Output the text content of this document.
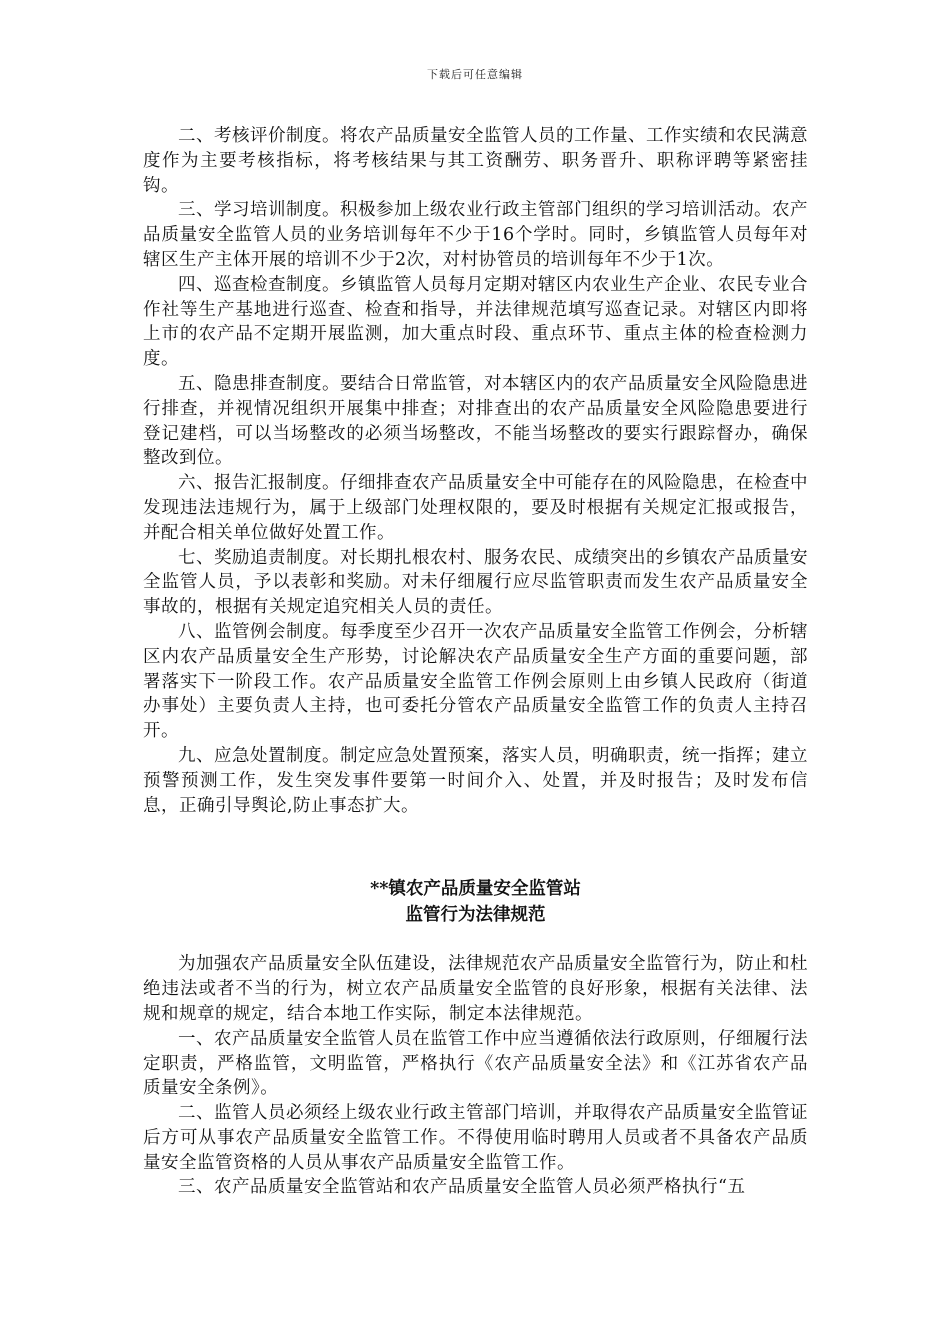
下载后可任意编辑

二、考核评价制度。将农产品质量安全监管人员的工作量、工作实绩和农民满意度作为主要考核指标，将考核结果与其工资酬劳、职务晋升、职称评聘等紧密挂钩。

三、学习培训制度。积极参加上级农业行政主管部门组织的学习培训活动。农产品质量安全监管人员的业务培训每年不少于16个学时。同时，乡镇监管人员每年对辖区生产主体开展的培训不少于2次，对村协管员的培训每年不少于1次。

四、巡查检查制度。乡镇监管人员每月定期对辖区内农业生产企业、农民专业合作社等生产基地进行巡查、检查和指导，并法律规范填写巡查记录。对辖区内即将上市的农产品不定期开展监测，加大重点时段、重点环节、重点主体的检查检测力度。

五、隐患排查制度。要结合日常监管，对本辖区内的农产品质量安全风险隐患进行排查，并视情况组织开展集中排查；对排查出的农产品质量安全风险隐患要进行登记建档，可以当场整改的必须当场整改，不能当场整改的要实行跟踪督办，确保整改到位。

六、报告汇报制度。仔细排查农产品质量安全中可能存在的风险隐患，在检查中发现违法违规行为，属于上级部门处理权限的，要及时根据有关规定汇报或报告，并配合相关单位做好处置工作。

七、奖励追责制度。对长期扎根农村、服务农民、成绩突出的乡镇农产品质量安全监管人员，予以表彰和奖励。对未仔细履行应尽监管职责而发生农产品质量安全事故的，根据有关规定追究相关人员的责任。

八、监管例会制度。每季度至少召开一次农产品质量安全监管工作例会，分析辖区内农产品质量安全生产形势，讨论解决农产品质量安全生产方面的重要问题，部署落实下一阶段工作。农产品质量安全监管工作例会原则上由乡镇人民政府（街道办事处）主要负责人主持，也可委托分管农产品质量安全监管工作的负责人主持召开。

九、应急处置制度。制定应急处置预案，落实人员，明确职责，统一指挥；建立预警预测工作，发生突发事件要第一时间介入、处置，并及时报告；及时发布信息，正确引导舆论,防止事态扩大。

**镇农产品质量安全监管站
监管行为法律规范

为加强农产品质量安全队伍建设，法律规范农产品质量安全监管行为，防止和杜绝违法或者不当的行为，树立农产品质量安全监管的良好形象，根据有关法律、法规和规章的规定，结合本地工作实际，制定本法律规范。

一、农产品质量安全监管人员在监管工作中应当遵循依法行政原则，仔细履行法定职责，严格监管，文明监管，严格执行《农产品质量安全法》和《江苏省农产品质量安全条例》。

二、监管人员必须经上级农业行政主管部门培训，并取得农产品质量安全监管证后方可从事农产品质量安全监管工作。不得使用临时聘用人员或者不具备农产品质量安全监管资格的人员从事农产品质量安全监管工作。

三、农产品质量安全监管站和农产品质量安全监管人员必须严格执行“五
